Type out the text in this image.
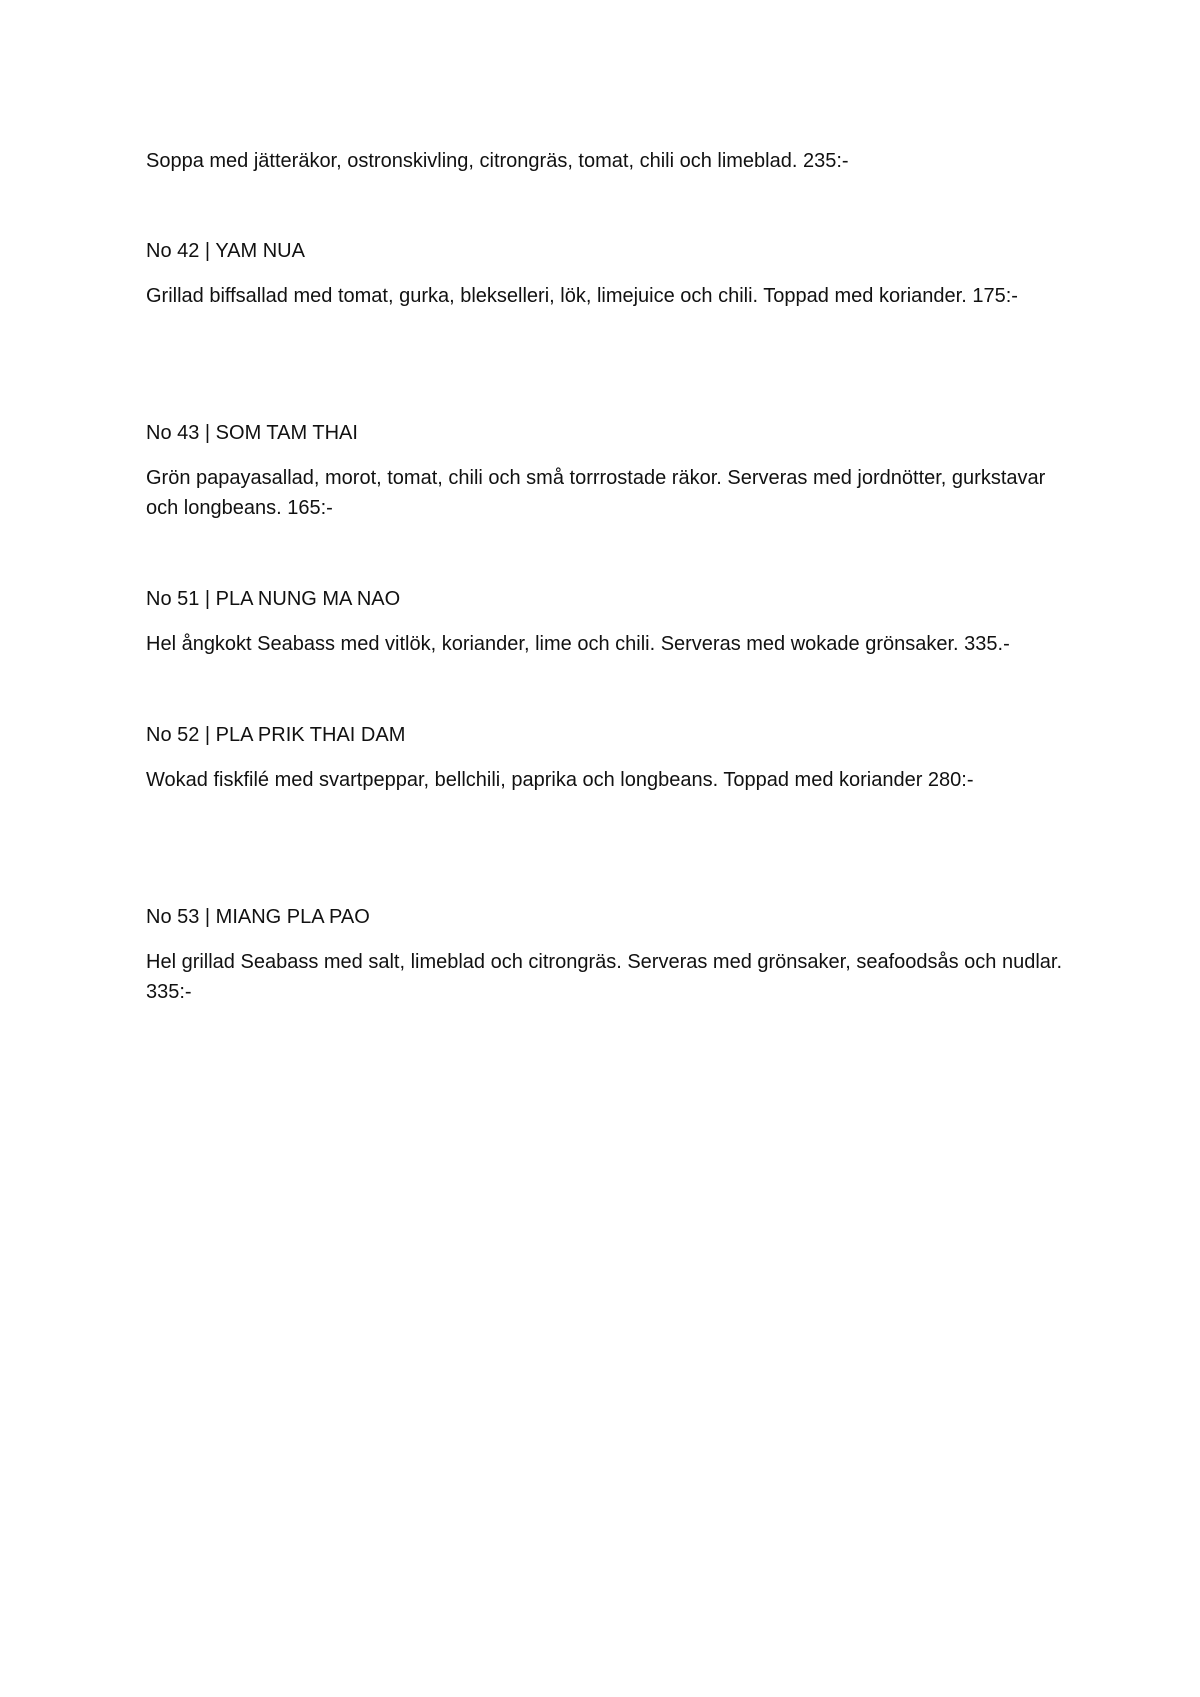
Soppa med jätteräkor, ostronskivling, citrongräs, tomat, chili och limeblad. 235:-

No 42 | YAM NUA

Grillad biffsallad med tomat, gurka, blekselleri, lök, limejuice och chili. Toppad med koriander. 175:-

No 43 | SOM TAM THAI

Grön papayasallad, morot, tomat, chili och små torrrostade räkor. Serveras med jordnötter, gurkstavar och longbeans. 165:-

No 51 | PLA NUNG MA NAO

Hel ångkokt Seabass med vitlök, koriander, lime och chili. Serveras med wokade grönsaker. 335.-

No 52 | PLA PRIK THAI DAM

Wokad fiskfilé med svartpeppar, bellchili, paprika och longbeans. Toppad med koriander 280:-

No 53 | MIANG PLA PAO

Hel grillad Seabass med salt, limeblad och citrongräs. Serveras med grönsaker, seafoodsås och nudlar. 335:-
